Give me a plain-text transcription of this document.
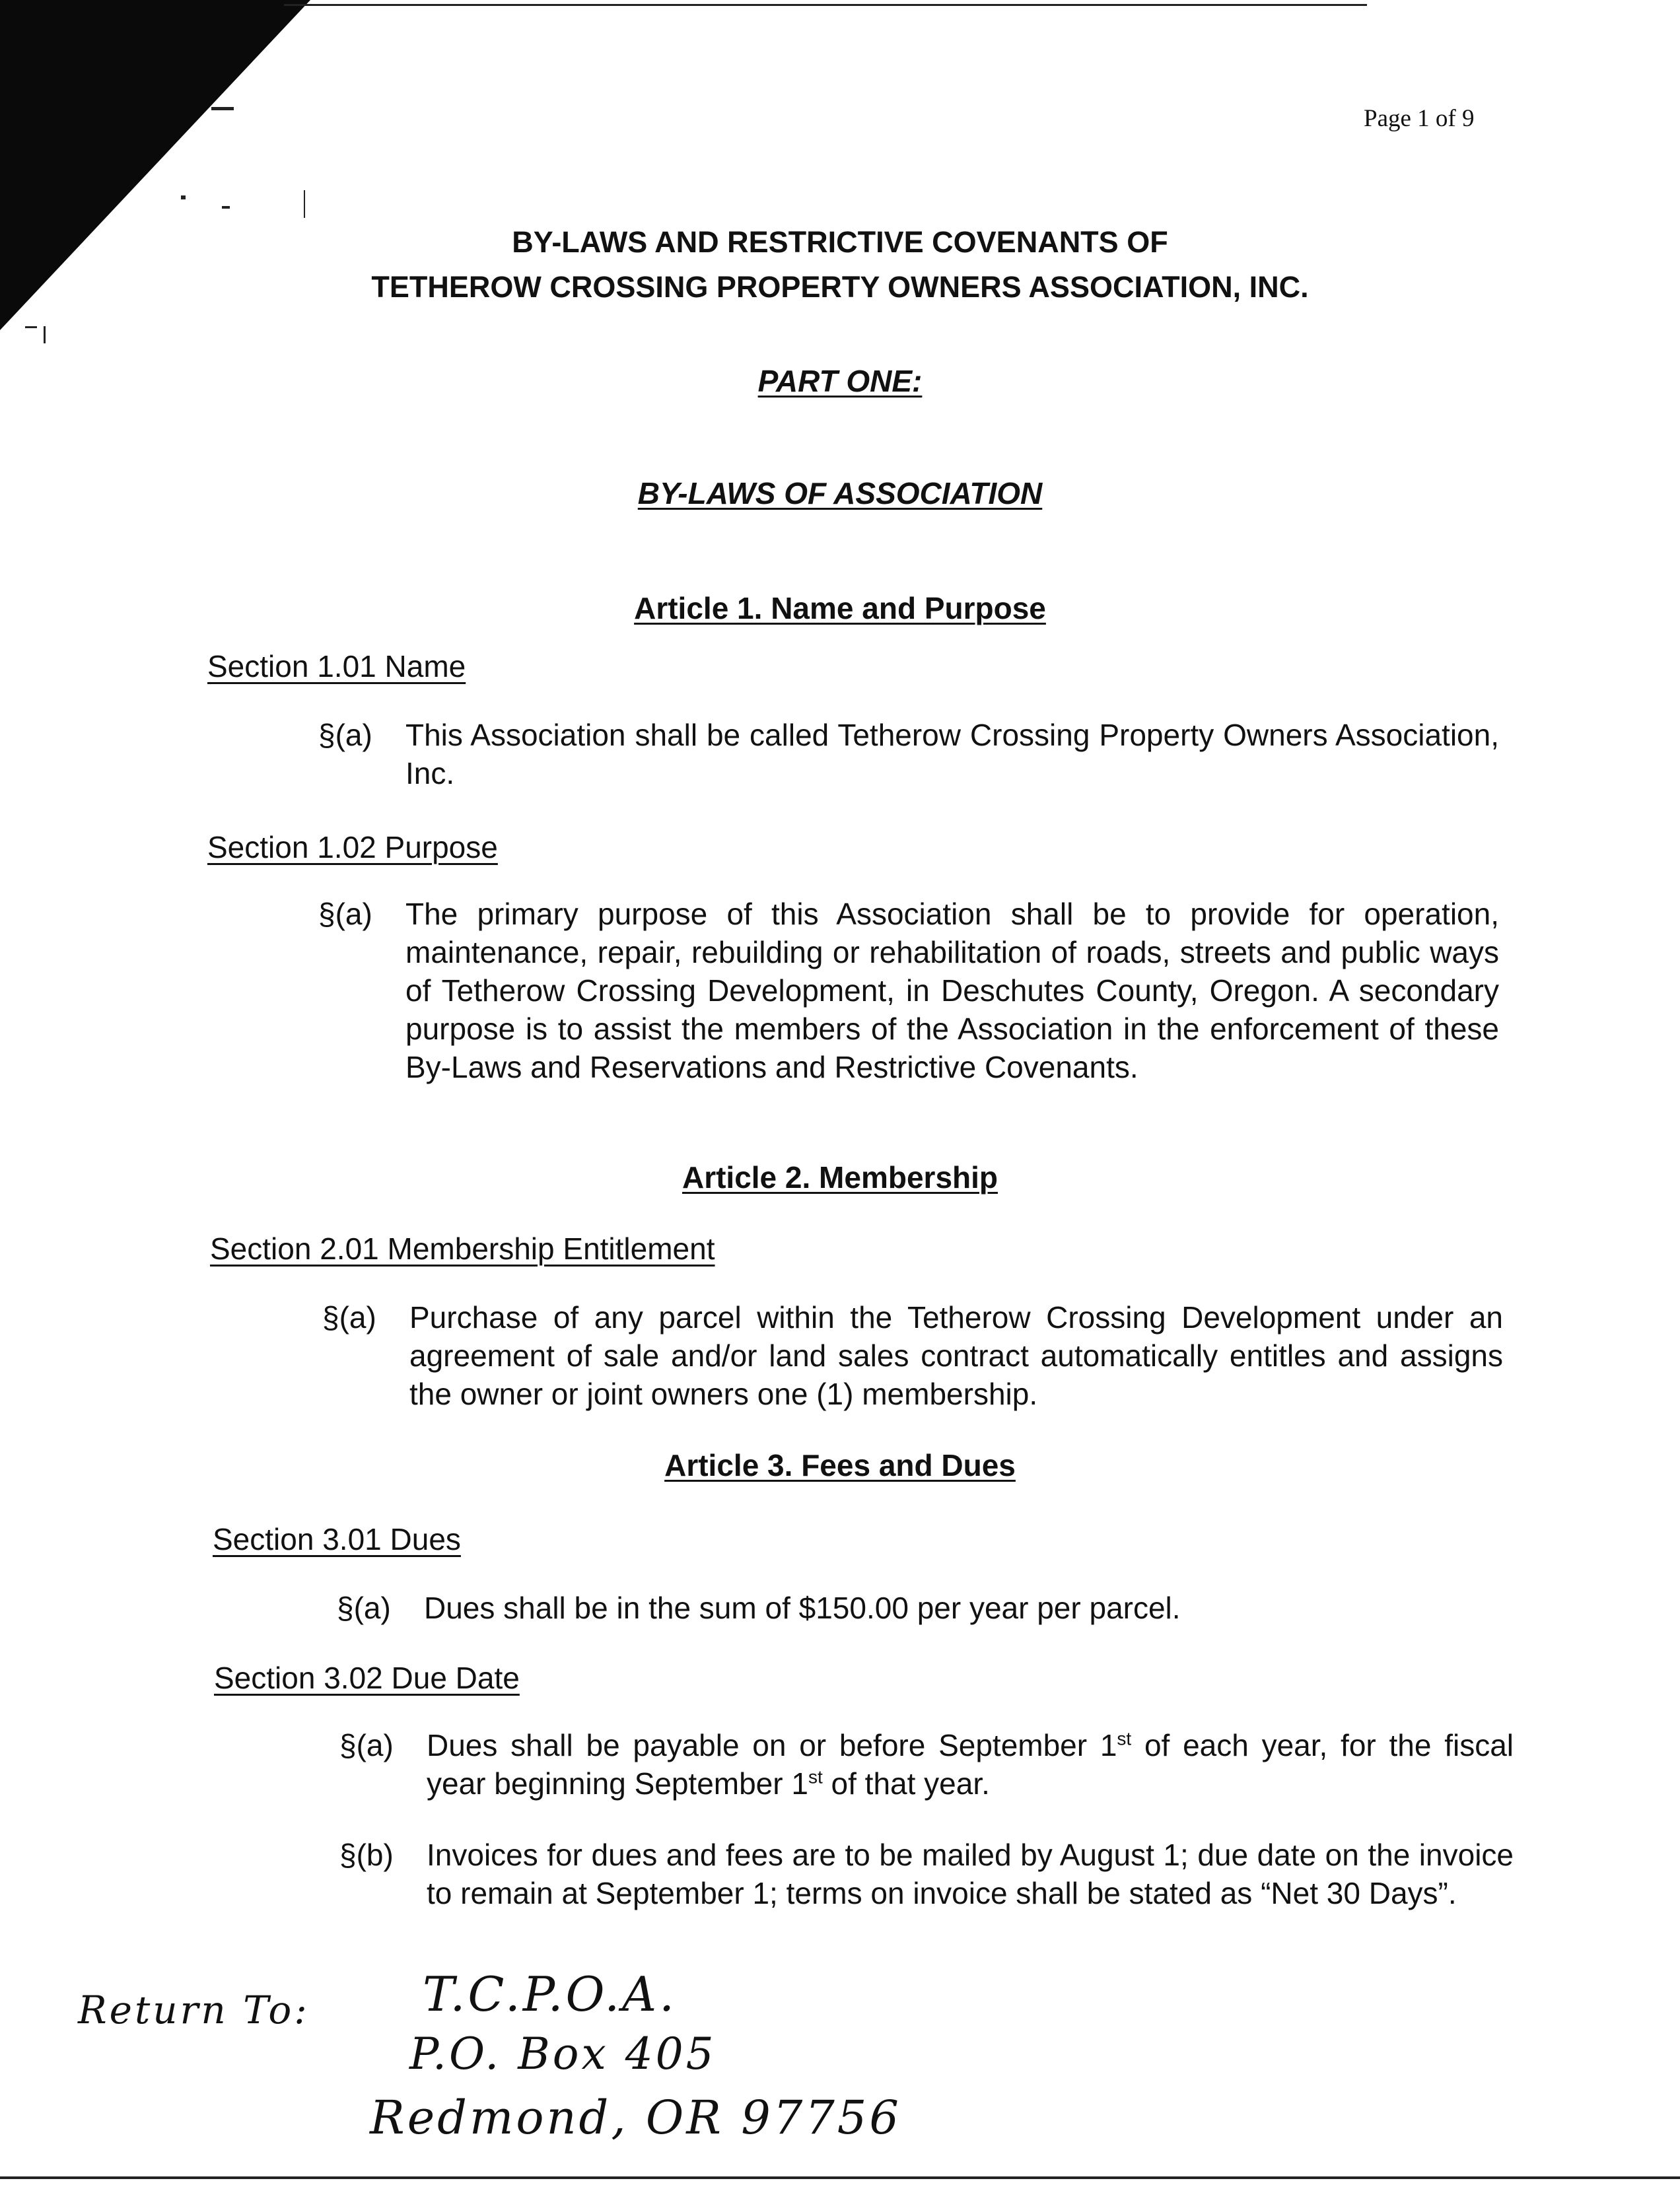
Page 1 of 9
BY-LAWS AND RESTRICTIVE COVENANTS OF
TETHEROW CROSSING PROPERTY OWNERS ASSOCIATION, INC.
PART ONE:
BY-LAWS OF ASSOCIATION
Article 1. Name and Purpose
Section 1.01 Name
§(a) This Association shall be called Tetherow Crossing Property Owners Association, Inc.
Section 1.02 Purpose
§(a) The primary purpose of this Association shall be to provide for operation, maintenance, repair, rebuilding or rehabilitation of roads, streets and public ways of Tetherow Crossing Development, in Deschutes County, Oregon. A secondary purpose is to assist the members of the Association in the enforcement of these By-Laws and Reservations and Restrictive Covenants.
Article 2. Membership
Section 2.01 Membership Entitlement
§(a) Purchase of any parcel within the Tetherow Crossing Development under an agreement of sale and/or land sales contract automatically entitles and assigns the owner or joint owners one (1) membership.
Article 3. Fees and Dues
Section 3.01 Dues
§(a) Dues shall be in the sum of $150.00 per year per parcel.
Section 3.02 Due Date
§(a) Dues shall be payable on or before September 1st of each year, for the fiscal year beginning September 1st of that year.
§(b) Invoices for dues and fees are to be mailed by August 1; due date on the invoice to remain at September 1; terms on invoice shall be stated as “Net 30 Days”.
Return To: T.C.P.O.A.
P.O. Box 405
Redmond, OR 97756
